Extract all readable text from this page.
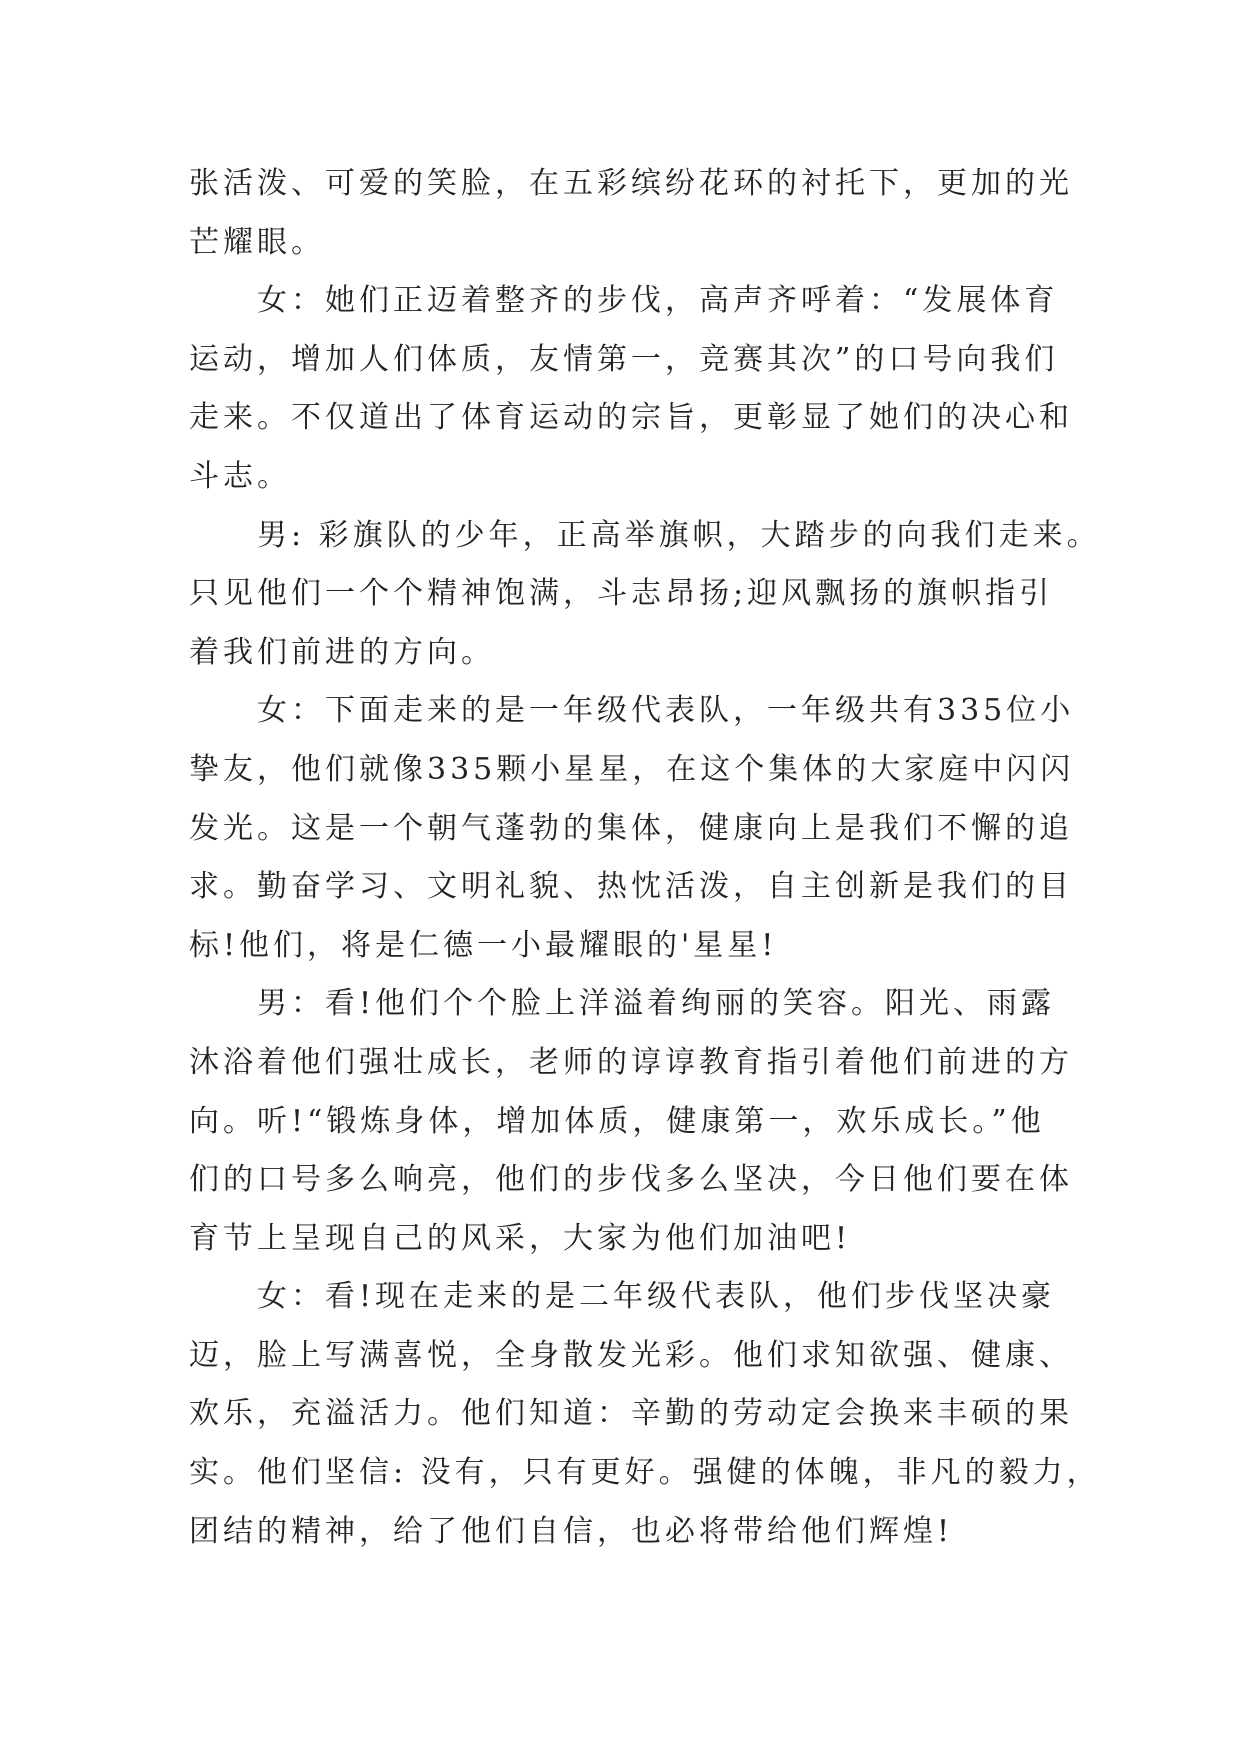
张活泼、可爱的笑脸，在五彩缤纷花环的衬托下，更加的光
芒耀眼。
女：她们正迈着整齐的步伐，高声齐呼着：“发展体育
运动，增加人们体质，友情第一，竞赛其次”的口号向我们
走来。不仅道出了体育运动的宗旨，更彰显了她们的决心和
斗志。
男: 彩旗队的少年，正高举旗帜，大踏步的向我们走来。
只见他们一个个精神饱满，斗志昂扬;迎风飘扬的旗帜指引
着我们前进的方向。
女：下面走来的是一年级代表队，一年级共有335位小
挚友，他们就像335颗小星星，在这个集体的大家庭中闪闪
发光。这是一个朝气蓬勃的集体，健康向上是我们不懈的追
求。勤奋学习、文明礼貌、热忱活泼，自主创新是我们的目
标!他们，将是仁德一小最耀眼的'星星!
男：看!他们个个脸上洋溢着绚丽的笑容。阳光、雨露
沐浴着他们强壮成长，老师的谆谆教育指引着他们前进的方
向。听!“锻炼身体，增加体质，健康第一，欢乐成长。”他
们的口号多么响亮，他们的步伐多么坚决，今日他们要在体
育节上呈现自己的风采，大家为他们加油吧!
女：看!现在走来的是二年级代表队，他们步伐坚决豪
迈，脸上写满喜悦，全身散发光彩。他们求知欲强、健康、
欢乐，充溢活力。他们知道：辛勤的劳动定会换来丰硕的果
实。他们坚信: 没有，只有更好。强健的体魄，非凡的毅力，
团结的精神，给了他们自信，也必将带给他们辉煌!
